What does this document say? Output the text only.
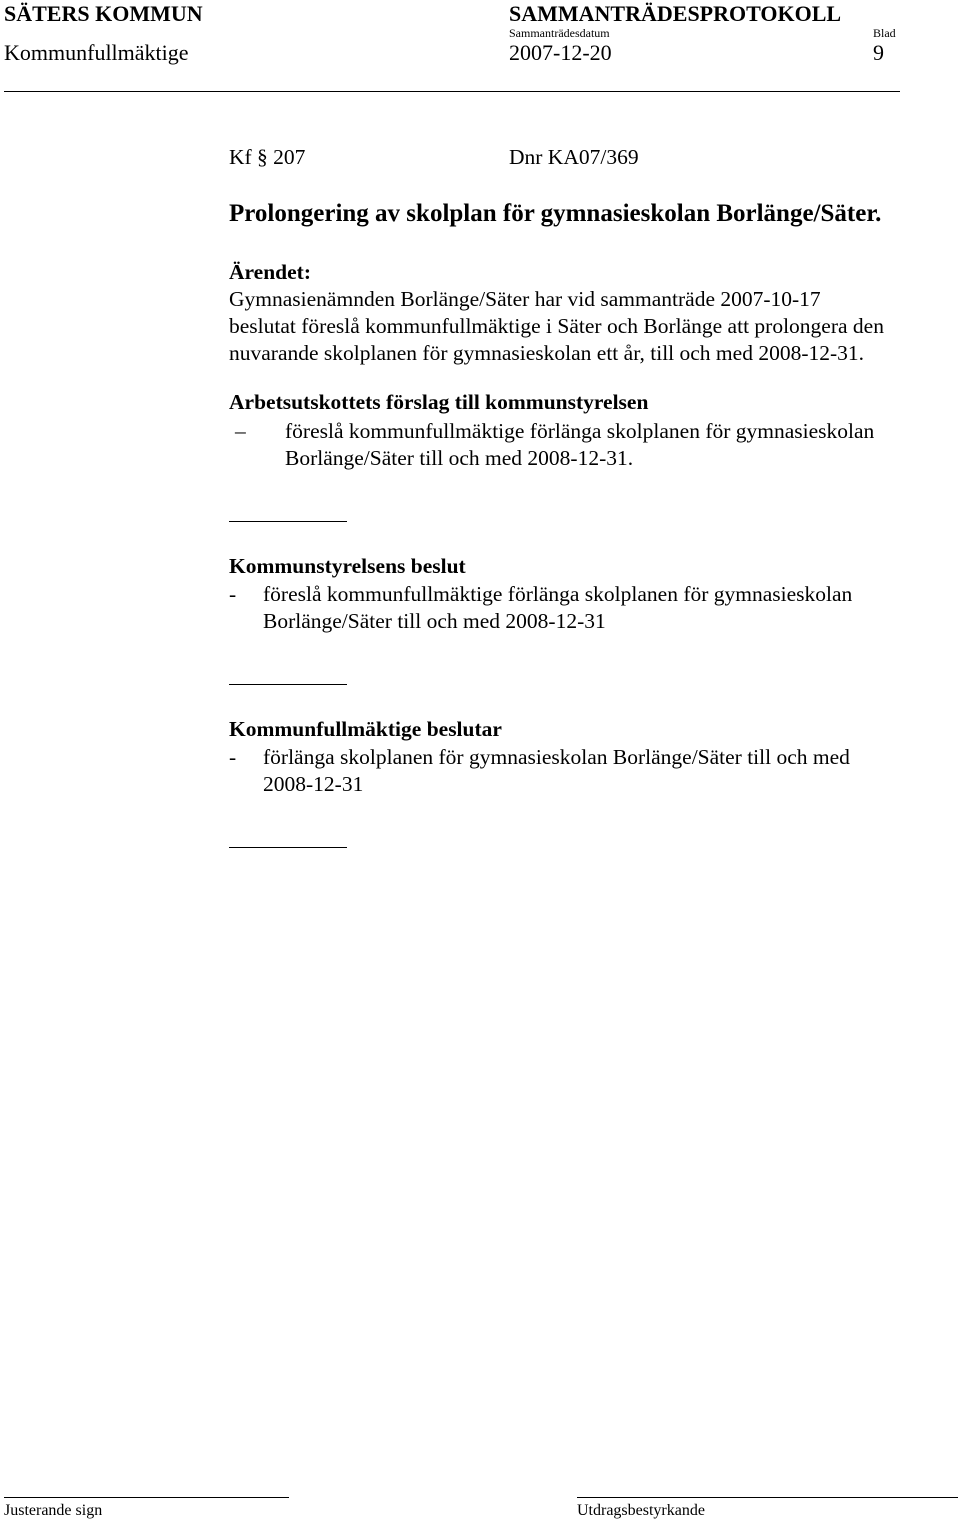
SÄTERS KOMMUN	SAMMANTRÄDESPROTOKOLL
Kommunfullmäktige
Sammanträdesdatum
2007-12-20
Blad
9
Kf § 207	Dnr KA07/369
Prolongering av skolplan för gymnasieskolan Borlänge/Säter.
Ärendet:
Gymnasienämnden Borlänge/Säter har vid sammanträde 2007-10-17
beslutat föreslå kommunfullmäktige i Säter och Borlänge att prolongera den
nuvarande skolplanen för gymnasieskolan ett år, till och med 2008-12-31.
Arbetsutskottets förslag till kommunstyrelsen
– föreslå kommunfullmäktige förlänga skolplanen för gymnasieskolan
Borlänge/Säter till och med 2008-12-31.
Kommunstyrelsens beslut
- föreslå kommunfullmäktige förlänga skolplanen för gymnasieskolan
Borlänge/Säter till och med 2008-12-31
Kommunfullmäktige beslutar
- förlänga skolplanen för gymnasieskolan Borlänge/Säter till och med
2008-12-31
Justerande sign	Utdragsbestyrkande
